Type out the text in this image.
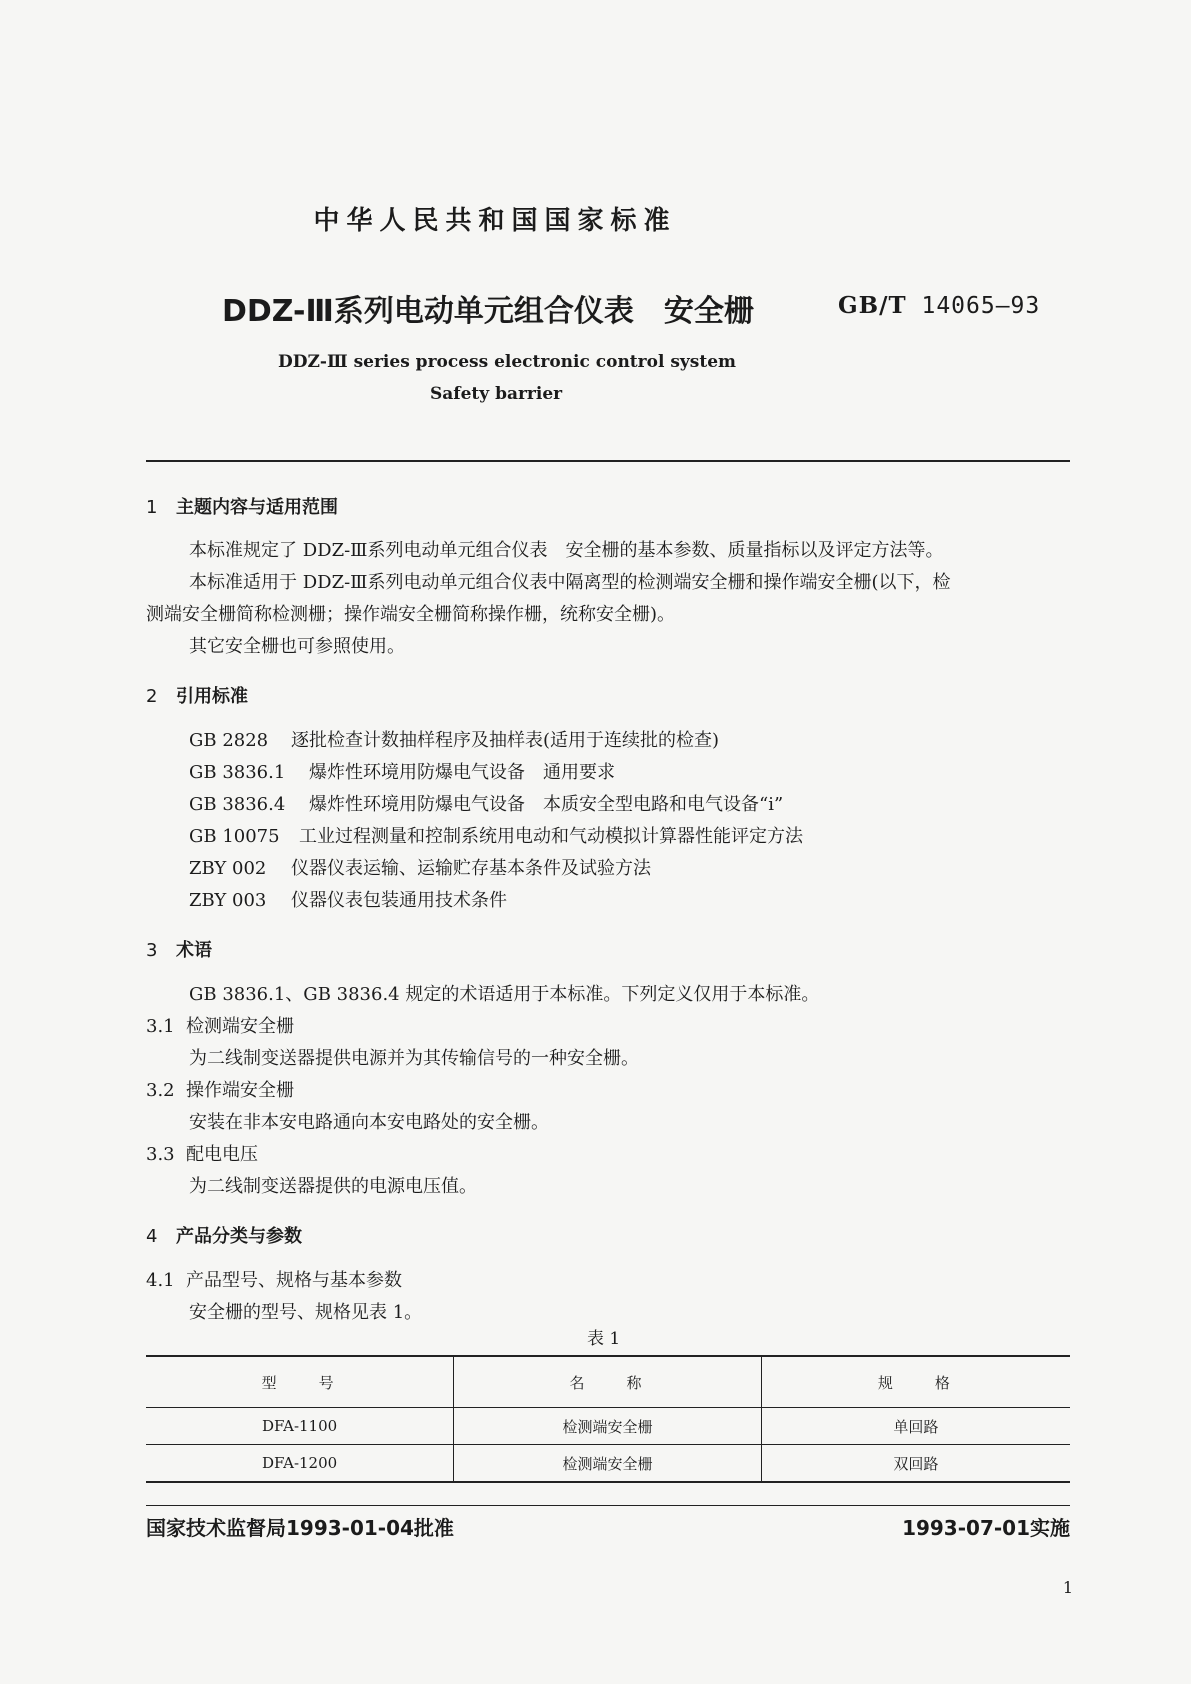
中华人民共和国国家标准

DDZ-Ⅲ系列电动单元组合仪表　安全栅	GB/T 14065—93

DDZ-Ⅲ series process electronic control system

Safety barrier

1 主题内容与适用范围

本标准规定了 DDZ-Ⅲ系列电动单元组合仪表　安全栅的基本参数、质量指标以及评定方法等。

本标准适用于 DDZ-Ⅲ系列电动单元组合仪表中隔离型的检测端安全栅和操作端安全栅(以下，检

测端安全栅简称检测栅；操作端安全栅简称操作栅，统称安全栅)。

其它安全栅也可参照使用。

2 引用标准

GB 2828 逐批检查计数抽样程序及抽样表(适用于连续批的检查)
GB 3836.1 爆炸性环境用防爆电气设备　通用要求
GB 3836.4 爆炸性环境用防爆电气设备　本质安全型电路和电气设备“i”
GB 10075 工业过程测量和控制系统用电动和气动模拟计算器性能评定方法
ZBY 002 仪器仪表运输、运输贮存基本条件及试验方法
ZBY 003 仪器仪表包装通用技术条件

3 术语

GB 3836.1、GB 3836.4 规定的术语适用于本标准。下列定义仅用于本标准。

3.1 检测端安全栅

为二线制变送器提供电源并为其传输信号的一种安全栅。

3.2 操作端安全栅

安装在非本安电路通向本安电路处的安全栅。

3.3 配电电压

为二线制变送器提供的电源电压值。

4 产品分类与参数

4.1 产品型号、规格与基本参数

安全栅的型号、规格见表 1。

表 1

型　　号	名　　称	规　　格
DFA-1100	检测端安全栅	单回路
DFA-1200	检测端安全栅	双回路

国家技术监督局1993-01-04批准	1993-07-01实施

1
